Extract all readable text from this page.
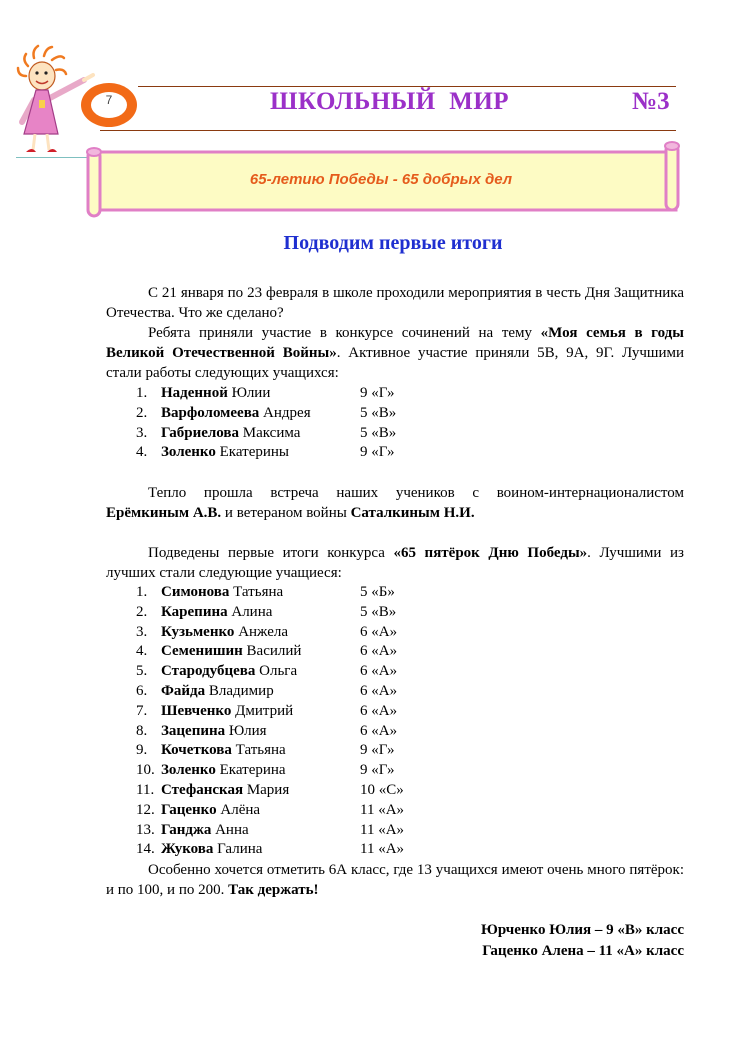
7	ШКОЛЬНЫЙ  МИР	№3
65-летию Победы - 65 добрых дел
Подводим первые итоги
С 21 января по 23 февраля в школе проходили мероприятия в честь Дня Защитника Отечества. Что же сделано?
Ребята приняли участие в конкурсе сочинений на тему «Моя семья в годы Великой Отечественной Войны». Активное участие приняли 5В, 9А, 9Г. Лучшими стали работы следующих учащихся:
1. Наденной Юлии	9 «Г»
2. Варфоломеева Андрея	5 «В»
3. Габриелова Максима	5 «В»
4. Золенко Екатерины	9 «Г»
Тепло прошла встреча наших учеников с воином-интернационалистом Ерёмкиным А.В. и ветераном войны Саталкиным Н.И.
Подведены первые итоги конкурса «65 пятёрок Дню Победы». Лучшими из лучших стали следующие учащиеся:
1. Симонова Татьяна	5 «Б»
2. Карепина Алина	5 «В»
3. Кузьменко Анжела	6 «А»
4. Семенишин Василий	6 «А»
5. Стародубцева Ольга	6 «А»
6. Файда Владимир	6 «А»
7. Шевченко Дмитрий	6 «А»
8. Зацепина Юлия	6 «А»
9. Кочеткова Татьяна	9 «Г»
10. Золенко Екатерина	9 «Г»
11. Стефанская Мария	10 «С»
12. Гаценко Алёна	11 «А»
13. Ганджа Анна	11 «А»
14. Жукова Галина	11 «А»
Особенно хочется отметить 6А класс, где 13 учащихся имеют очень много пятёрок: и по 100, и по 200. Так держать!
Юрченко Юлия – 9 «В» класс
Гаценко Алена – 11 «А» класс
